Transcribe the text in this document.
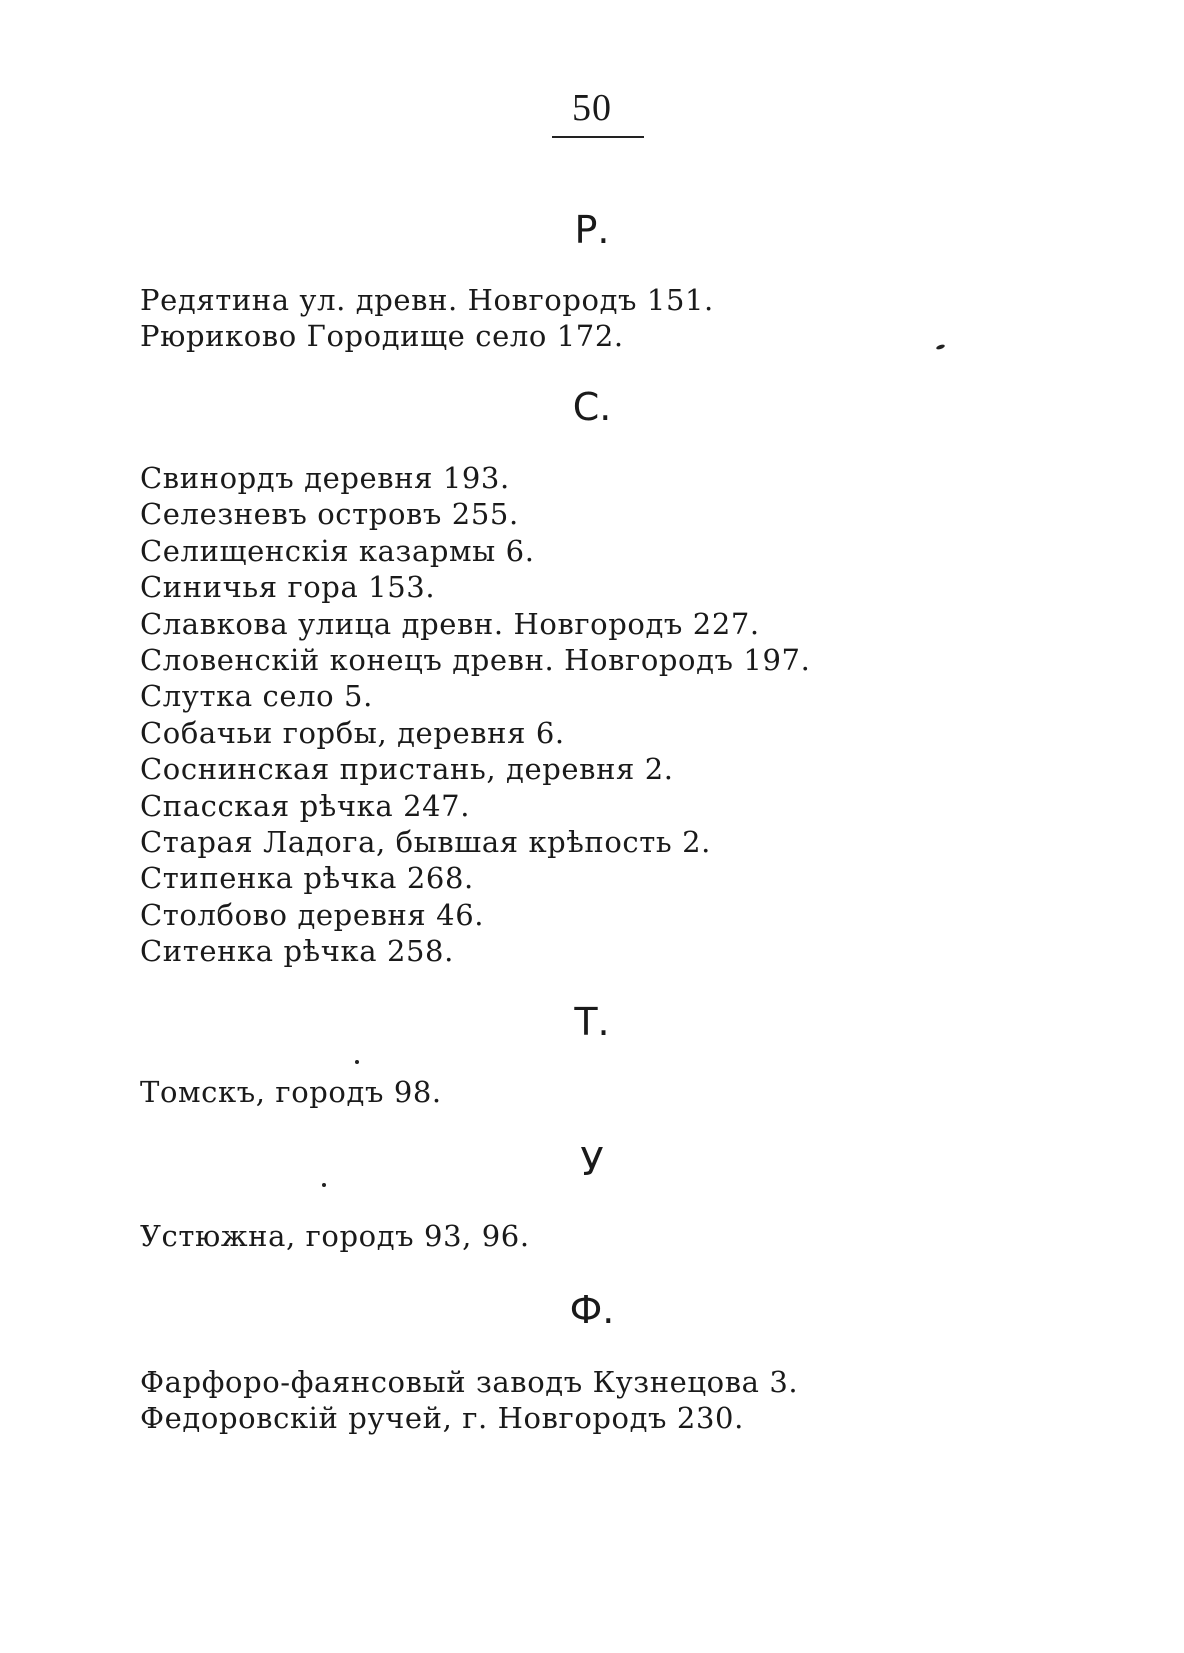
50
Р.
Редятина ул. древн. Новгородъ 151.
Рюриково Городище село 172.
С.
Свинордъ деревня 193.
Селезневъ островъ 255.
Селищенскія казармы 6.
Синичья гора 153.
Славкова улица древн. Новгородъ 227.
Словенскій конецъ древн. Новгородъ 197.
Слутка село 5.
Собачьи горбы, деревня 6.
Соснинская пристань, деревня 2.
Спасская рѣчка 247.
Старая Ладога, бывшая крѣпость 2.
Стипенка рѣчка 268.
Столбово деревня 46.
Ситенка рѣчка 258.
Т.
Томскъ, городъ 98.
У
Устюжна, городъ 93, 96.
Ф.
Фарфоро-фаянсовый заводъ Кузнецова 3.
Федоровскій ручей, г. Новгородъ 230.
